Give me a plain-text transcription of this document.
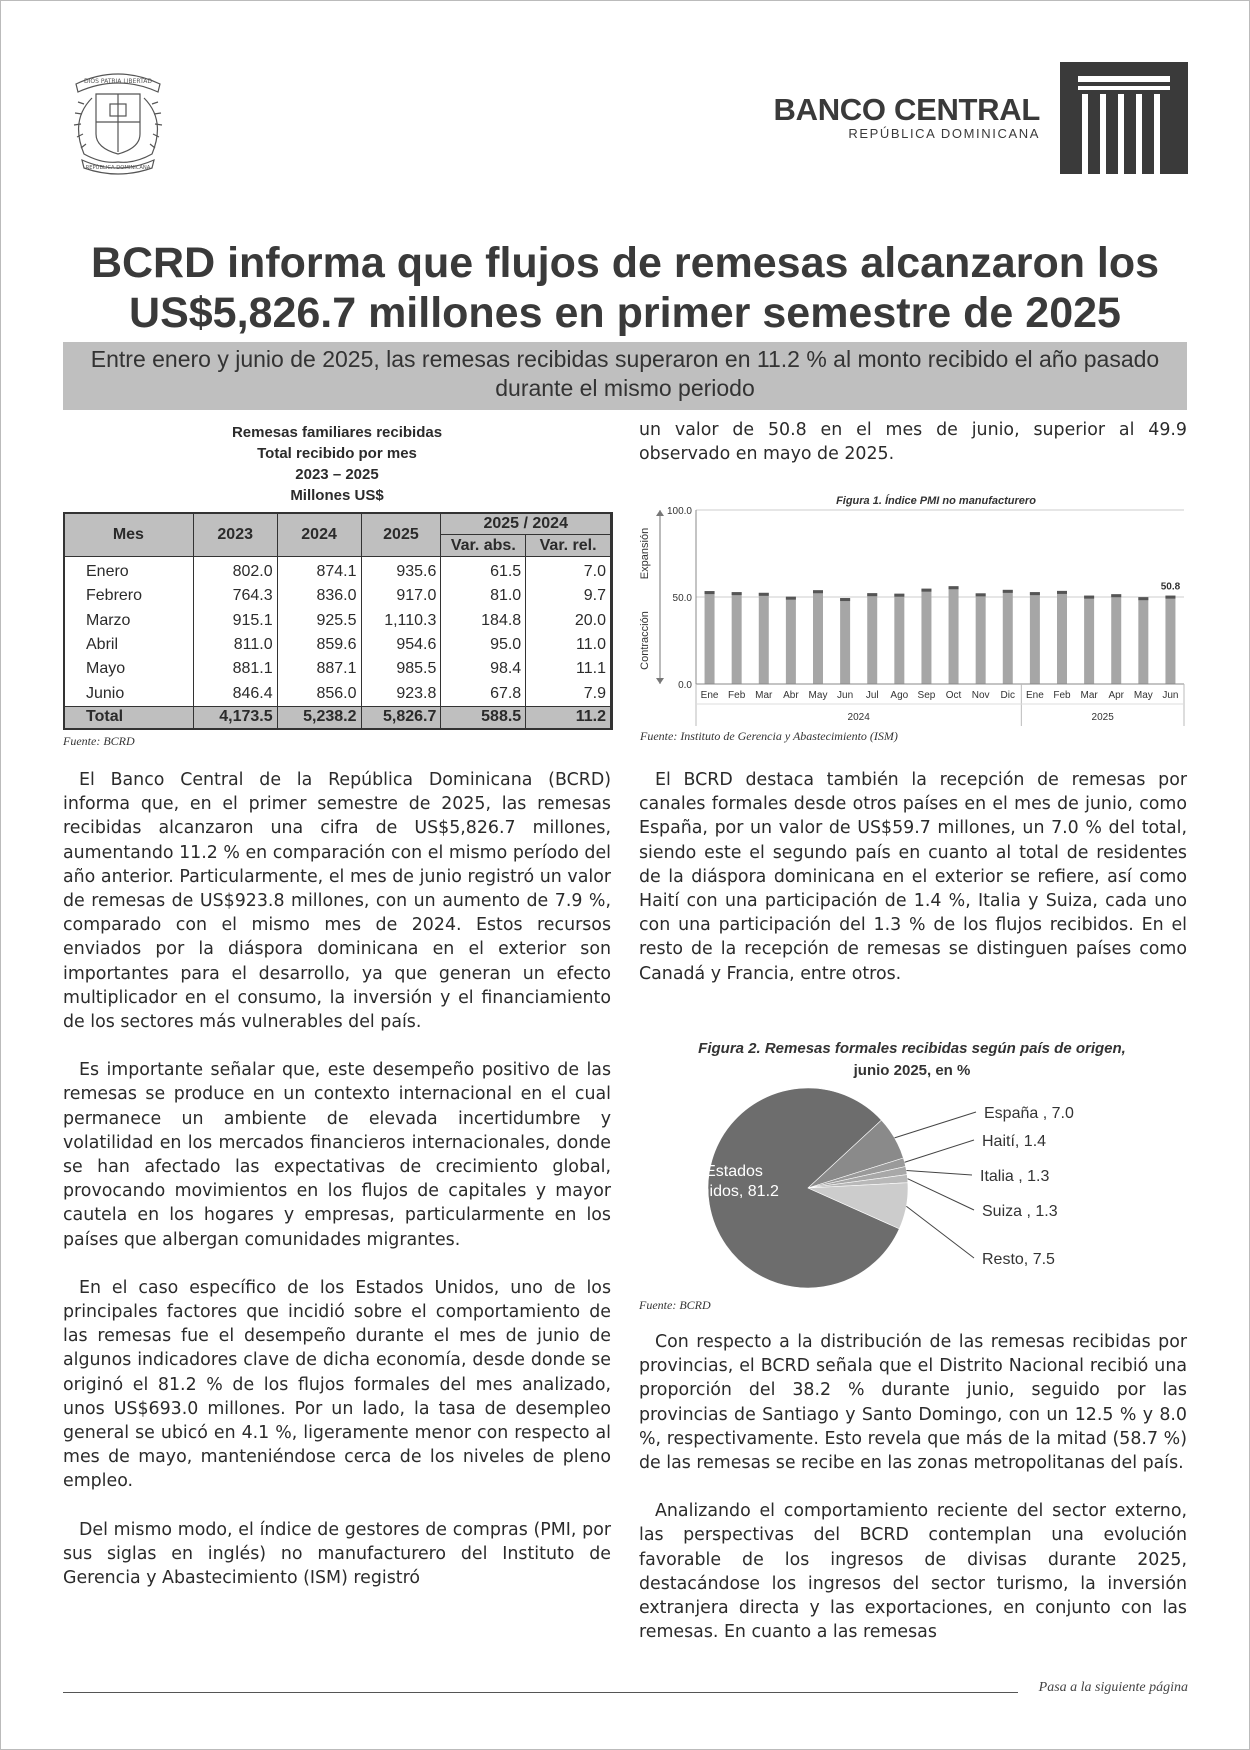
DIOS PATRIA LIBERTAD
REPÚBLICA DOMINICANA
BANCO CENTRAL
REPÚBLICA DOMINICANA
BCRD informa que flujos de remesas alcanzaron los US$5,826.7 millones en primer semestre de 2025
Entre enero y junio de 2025, las remesas recibidas superaron en 11.2 % al monto recibido el año pasado durante el mismo periodo
Remesas familiares recibidas
Total recibido por mes
2023 – 2025
Millones US$
Mes	2023	2024	2025	2025 / 2024	
				Var. abs.	Var. rel.
Enero	802.0	874.1	935.6	61.5	7.0
Febrero	764.3	836.0	917.0	81.0	9.7
Marzo	915.1	925.5	1,110.3	184.8	20.0
Abril	811.0	859.6	954.6	95.0	11.0
Mayo	881.1	887.1	985.5	98.4	11.1
Junio	846.4	856.0	923.8	67.8	7.9
Total	4,173.5	5,238.2	5,826.7	588.5	11.2
Fuente: BCRD
un valor de 50.8 en el mes de junio, superior al 49.9 observado en mayo de 2025.
Figura 1. Índice PMI no manufacturero
0.0
50.0
100.0
Expansión
Contracción
Ene Feb Mar Abr May Jun Jul Ago Sep Oct Nov Dic Ene Feb Mar Apr May Jun
50.8
2024	2025
Fuente: Instituto de Gerencia y Abastecimiento (ISM)

El Banco Central de la República Dominicana (BCRD) informa que, en el primer semestre de 2025, las remesas recibidas alcanzaron una cifra de US$5,826.7 millones, aumentando 11.2 % en comparación con el mismo período del año anterior. Particularmente, el mes de junio registró un valor de remesas de US$923.8 millones, con un aumento de 7.9 %, comparado con el mismo mes de 2024. Estos recursos enviados por la diáspora dominicana en el exterior son importantes para el desarrollo, ya que generan un efecto multiplicador en el consumo, la inversión y el financiamiento de los sectores más vulnerables del país.

Es importante señalar que, este desempeño positivo de las remesas se produce en un contexto internacional en el cual permanece un ambiente de elevada incertidumbre y volatilidad en los mercados financieros internacionales, donde se han afectado las expectativas de crecimiento global, provocando movimientos en los flujos de capitales y mayor cautela en los hogares y empresas, particularmente en los países que albergan comunidades migrantes.

En el caso específico de los Estados Unidos, uno de los principales factores que incidió sobre el comportamiento de las remesas fue el desempeño durante el mes de junio de algunos indicadores clave de dicha economía, desde donde se originó el 81.2 % de los flujos formales del mes analizado, unos US$693.0 millones. Por un lado, la tasa de desempleo general se ubicó en 4.1 %, ligeramente menor con respecto al mes de mayo, manteniéndose cerca de los niveles de pleno empleo.

Del mismo modo, el índice de gestores de compras (PMI, por sus siglas en inglés) no manufacturero del Instituto de Gerencia y Abastecimiento (ISM) registró

El BCRD destaca también la recepción de remesas por canales formales desde otros países en el mes de junio, como España, por un valor de US$59.7 millones, un 7.0 % del total, siendo este el segundo país en cuanto al total de residentes de la diáspora dominicana en el exterior se refiere, así como Haití con una participación de 1.4 %, Italia y Suiza, cada uno con una participación del 1.3 % de los flujos recibidos. En el resto de la recepción de remesas se distinguen países como Canadá y Francia, entre otros.

Figura 2. Remesas formales recibidas según país de origen,
junio 2025, en %
Estados
Unidos, 81.2
España , 7.0
Haití, 1.4
Italia , 1.3
Suiza , 1.3
Resto, 7.5
Fuente: BCRD

Con respecto a la distribución de las remesas recibidas por provincias, el BCRD señala que el Distrito Nacional recibió una proporción del 38.2 % durante junio, seguido por las provincias de Santiago y Santo Domingo, con un 12.5 % y 8.0 %, respectivamente. Esto revela que más de la mitad (58.7 %) de las remesas se recibe en las zonas metropolitanas del país.

Analizando el comportamiento reciente del sector externo, las perspectivas del BCRD contemplan una evolución favorable de los ingresos de divisas durante 2025, destacándose los ingresos del sector turismo, la inversión extranjera directa y las exportaciones, en conjunto con las remesas. En cuanto a las remesas

Pasa a la siguiente página
